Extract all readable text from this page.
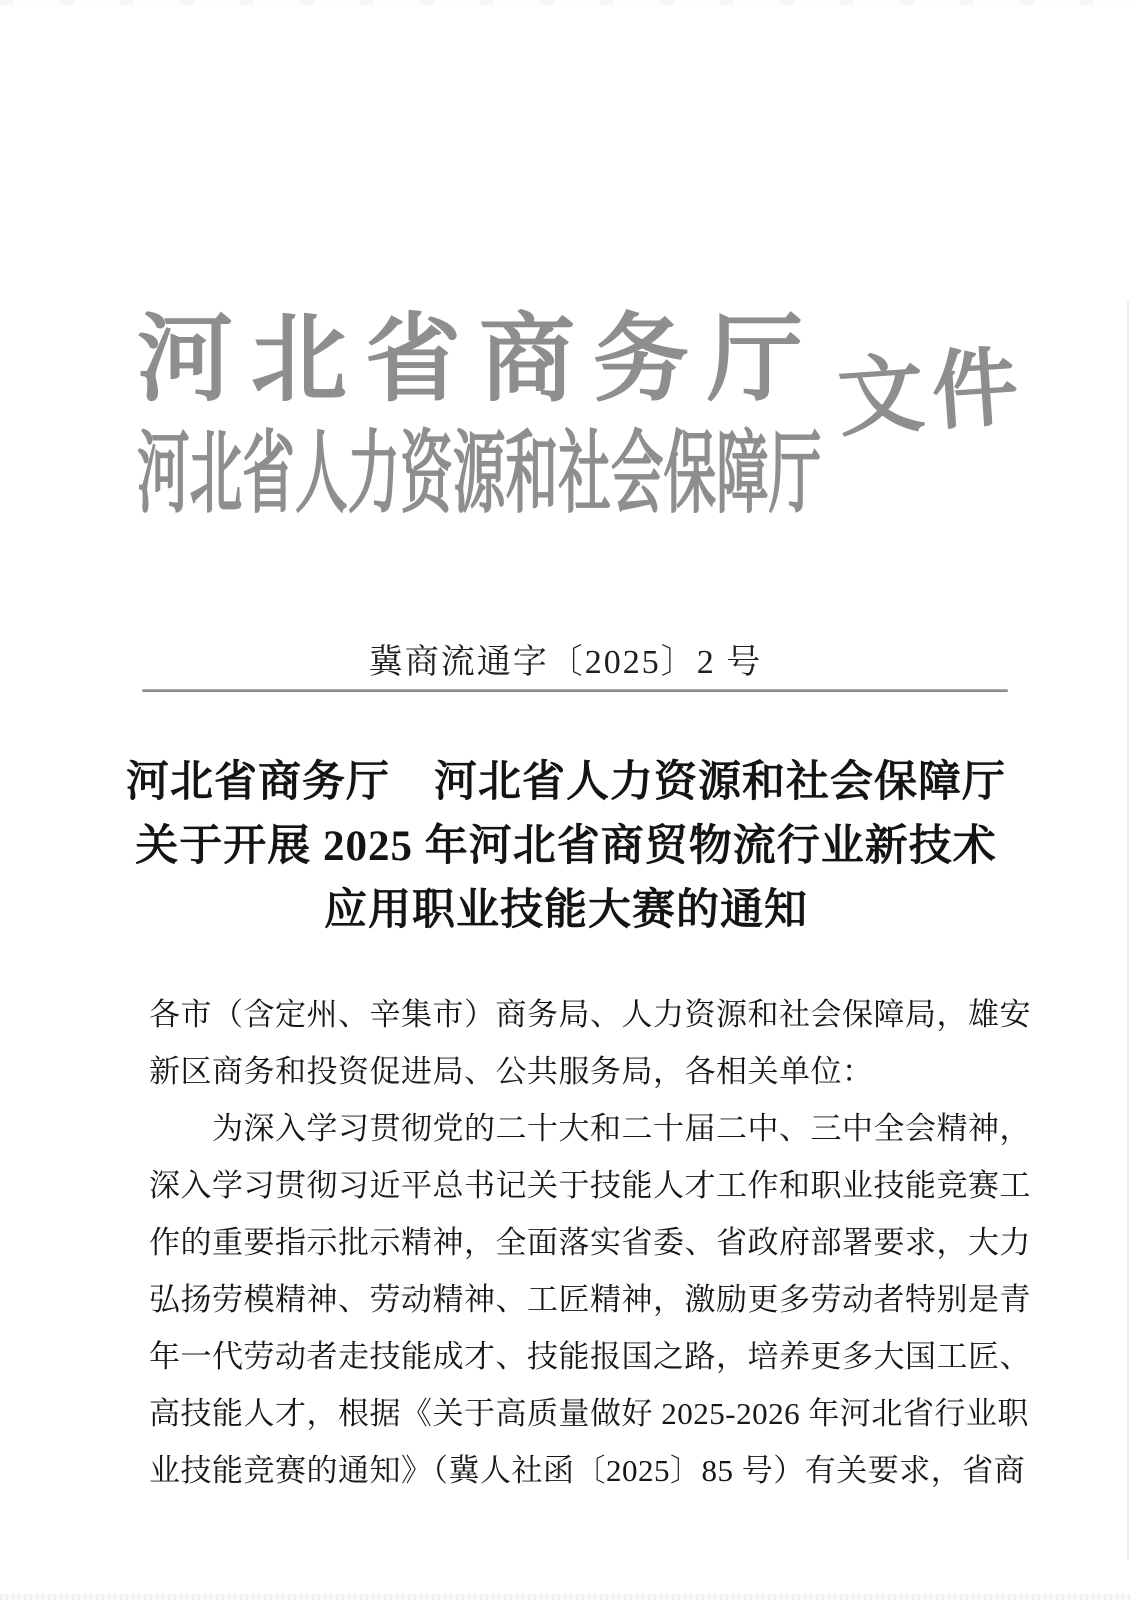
河北省商务厅
河北省人力资源和社会保障厅
文件
冀商流通字〔2025〕2 号
河北省商务厅　河北省人力资源和社会保障厅
关于开展 2025 年河北省商贸物流行业新技术
应用职业技能大赛的通知

各市（含定州、辛集市）商务局、人力资源和社会保障局，雄安

新区商务和投资促进局、公共服务局，各相关单位：

　　为深入学习贯彻党的二十大和二十届二中、三中全会精神，

深入学习贯彻习近平总书记关于技能人才工作和职业技能竞赛工

作的重要指示批示精神，全面落实省委、省政府部署要求，大力

弘扬劳模精神、劳动精神、工匠精神，激励更多劳动者特别是青

年一代劳动者走技能成才、技能报国之路，培养更多大国工匠、

高技能人才，根据《关于高质量做好 2025-2026 年河北省行业职

业技能竞赛的通知》（冀人社函〔2025〕85 号）有关要求，省商
